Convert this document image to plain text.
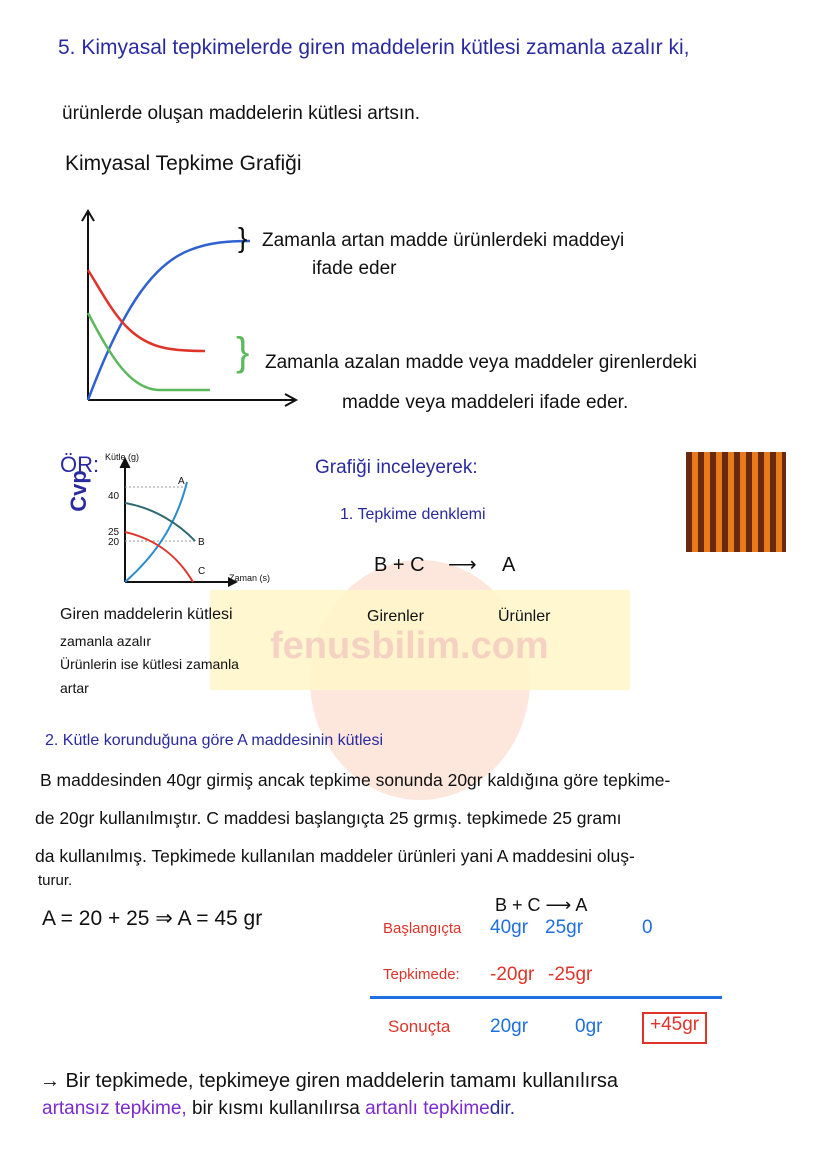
fenusbilim.com
5. Kimyasal tepkimelerde giren maddelerin kütlesi zamanla azalır ki,
ürünlerde oluşan maddelerin kütlesi artsın.
Kimyasal Tepkime Grafiği
} Zamanla artan madde ürünlerdeki maddeyi
ifade eder
} Zamanla azalan madde veya maddeler girenlerdeki
madde veya maddeleri ifade eder.
ÖR:
Cvp
Kütle (g)
Zaman (s)
40
25
20
A
B
C
Giren maddelerin kütlesi
zamanla azalır
Ürünlerin ise kütlesi zamanla
artar
Grafiği inceleyerek:
1. Tepkime denklemi
B + C ⟶ A
Girenler	Ürünler
2. Kütle korunduğuna göre A maddesinin kütlesi
B maddesinden 40gr girmiş ancak tepkime sonunda 20gr kaldığına göre tepkime-
de 20gr kullanılmıştır. C maddesi başlangıçta 25 grmış. tepkimede 25 gramı
da kullanılmış. Tepkimede kullanılan maddeler ürünleri yani A maddesini oluş-
turur.
A = 20 + 25 ⇒ A = 45 gr
B + C ⟶ A
Başlangıçta 40gr 25gr	0
Tepkimede: -20gr -25gr
Sonuçta 20gr 0gr	+45gr
→ Bir tepkimede, tepkimeye giren maddelerin tamamı kullanılırsa
artansız tepkime, bir kısmı kullanılırsa artanlı tepkimedir.
